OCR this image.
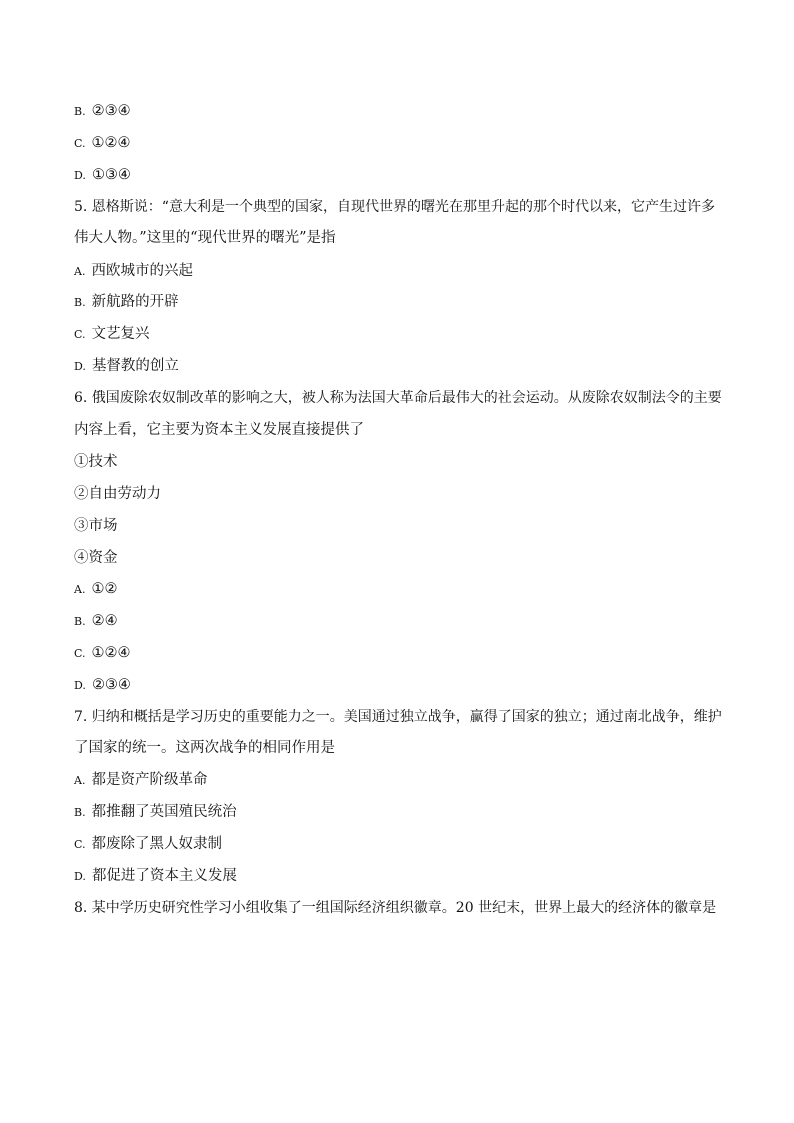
B. ②③④
C. ①②④
D. ①③④
5. 恩格斯说：“意大利是一个典型的国家，自现代世界的曙光在那里升起的那个时代以来，它产生过许多
伟大人物。”这里的“现代世界的曙光”是指
A. 西欧城市的兴起
B. 新航路的开辟
C. 文艺复兴
D. 基督教的创立
6. 俄国废除农奴制改革的影响之大，被人称为法国大革命后最伟大的社会运动。从废除农奴制法令的主要
内容上看，它主要为资本主义发展直接提供了
①技术
②自由劳动力
③市场
④资金
A. ①②
B. ②④
C. ①②④
D. ②③④
7. 归纳和概括是学习历史的重要能力之一。美国通过独立战争，赢得了国家的独立；通过南北战争，维护
了国家的统一。这两次战争的相同作用是
A. 都是资产阶级革命
B. 都推翻了英国殖民统治
C. 都废除了黑人奴隶制
D. 都促进了资本主义发展
8. 某中学历史研究性学习小组收集了一组国际经济组织徽章。20 世纪末，世界上最大的经济体的徽章是
